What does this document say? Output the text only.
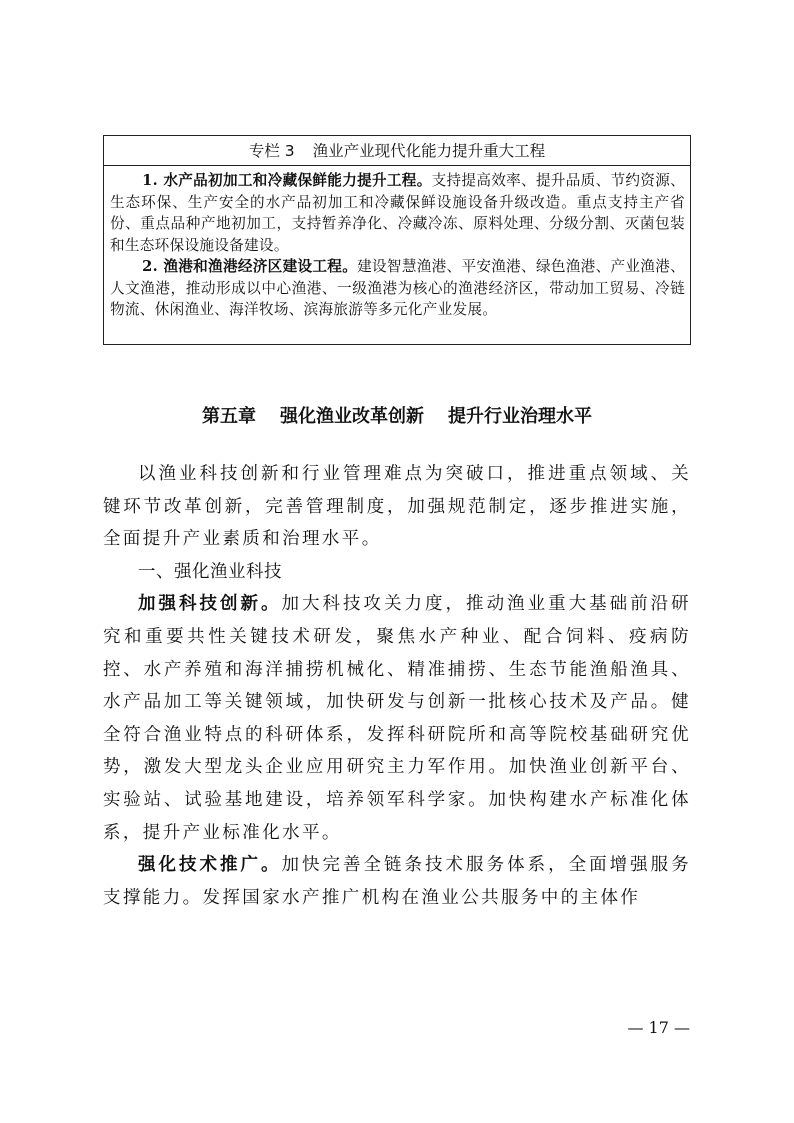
专栏 3 渔业产业现代化能力提升重大工程

1. 水产品初加工和冷藏保鲜能力提升工程。支持提高效率、提升品质、节约资源、生态环保、生产安全的水产品初加工和冷藏保鲜设施设备升级改造。重点支持主产省份、重点品种产地初加工，支持暂养净化、冷藏冷冻、原料处理、分级分割、灭菌包装和生态环保设施设备建设。

2. 渔港和渔港经济区建设工程。建设智慧渔港、平安渔港、绿色渔港、产业渔港、人文渔港，推动形成以中心渔港、一级渔港为核心的渔港经济区，带动加工贸易、冷链物流、休闲渔业、海洋牧场、滨海旅游等多元化产业发展。

第五章 强化渔业改革创新 提升行业治理水平

以渔业科技创新和行业管理难点为突破口，推进重点领域、关键环节改革创新，完善管理制度，加强规范制定，逐步推进实施，全面提升产业素质和治理水平。

一、强化渔业科技

加强科技创新。加大科技攻关力度，推动渔业重大基础前沿研究和重要共性关键技术研发，聚焦水产种业、配合饲料、疫病防控、水产养殖和海洋捕捞机械化、精准捕捞、生态节能渔船渔具、水产品加工等关键领域，加快研发与创新一批核心技术及产品。健全符合渔业特点的科研体系，发挥科研院所和高等院校基础研究优势，激发大型龙头企业应用研究主力军作用。加快渔业创新平台、实验站、试验基地建设，培养领军科学家。加快构建水产标准化体系，提升产业标准化水平。

强化技术推广。加快完善全链条技术服务体系，全面增强服务支撑能力。发挥国家水产推广机构在渔业公共服务中的主体作

— 17 —
